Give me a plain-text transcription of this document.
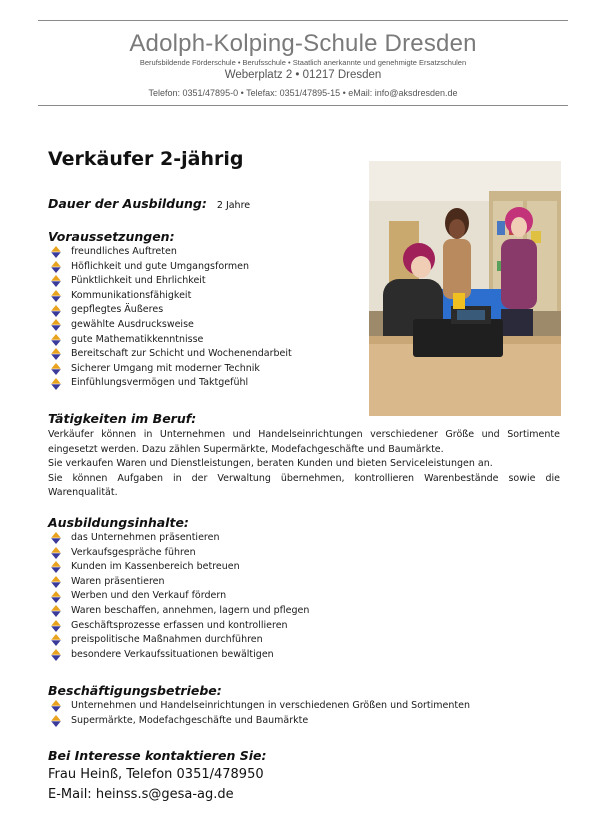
Adolph-Kolping-Schule Dresden
Berufsbildende Förderschule • Berufsschule • Staatlich anerkannte und genehmigte Ersatzschulen
Weberplatz 2 • 01217 Dresden
Telefon: 0351/47895-0 • Telefax: 0351/47895-15 • eMail: info@aksdresden.de
Verkäufer 2-jährig
Dauer der Ausbildung: 2 Jahre
Voraussetzungen:
freundliches Auftreten
Höflichkeit und gute Umgangsformen
Pünktlichkeit und Ehrlichkeit
Kommunikationsfähigkeit
gepflegtes Äußeres
gewählte Ausdrucksweise
gute Mathematikkenntnisse
Bereitschaft zur Schicht und Wochenendarbeit
Sicherer Umgang mit moderner Technik
Einfühlungsvermögen und Taktgefühl
Tätigkeiten im Beruf:

Verkäufer können in Unternehmen und Handelseinrichtungen verschiedener Größe und Sortimente eingesetzt werden. Dazu zählen Supermärkte, Modefachgeschäfte und Baumärkte.

Sie verkaufen Waren und Dienstleistungen, beraten Kunden und bieten Serviceleistungen an.

Sie können Aufgaben in der Verwaltung übernehmen, kontrollieren Warenbestände sowie die Warenqualität.

Ausbildungsinhalte:
das Unternehmen präsentieren
Verkaufsgespräche führen
Kunden im Kassenbereich betreuen
Waren präsentieren
Werben und den Verkauf fördern
Waren beschaffen, annehmen, lagern und pflegen
Geschäftsprozesse erfassen und kontrollieren
preispolitische Maßnahmen durchführen
besondere Verkaufssituationen bewältigen
Beschäftigungsbetriebe:
Unternehmen und Handelseinrichtungen in verschiedenen Größen und Sortimenten
Supermärkte, Modefachgeschäfte und Baumärkte
Bei Interesse kontaktieren Sie:
Frau Heinß, Telefon 0351/478950
E-Mail: heinss.s@gesa-ag.de
